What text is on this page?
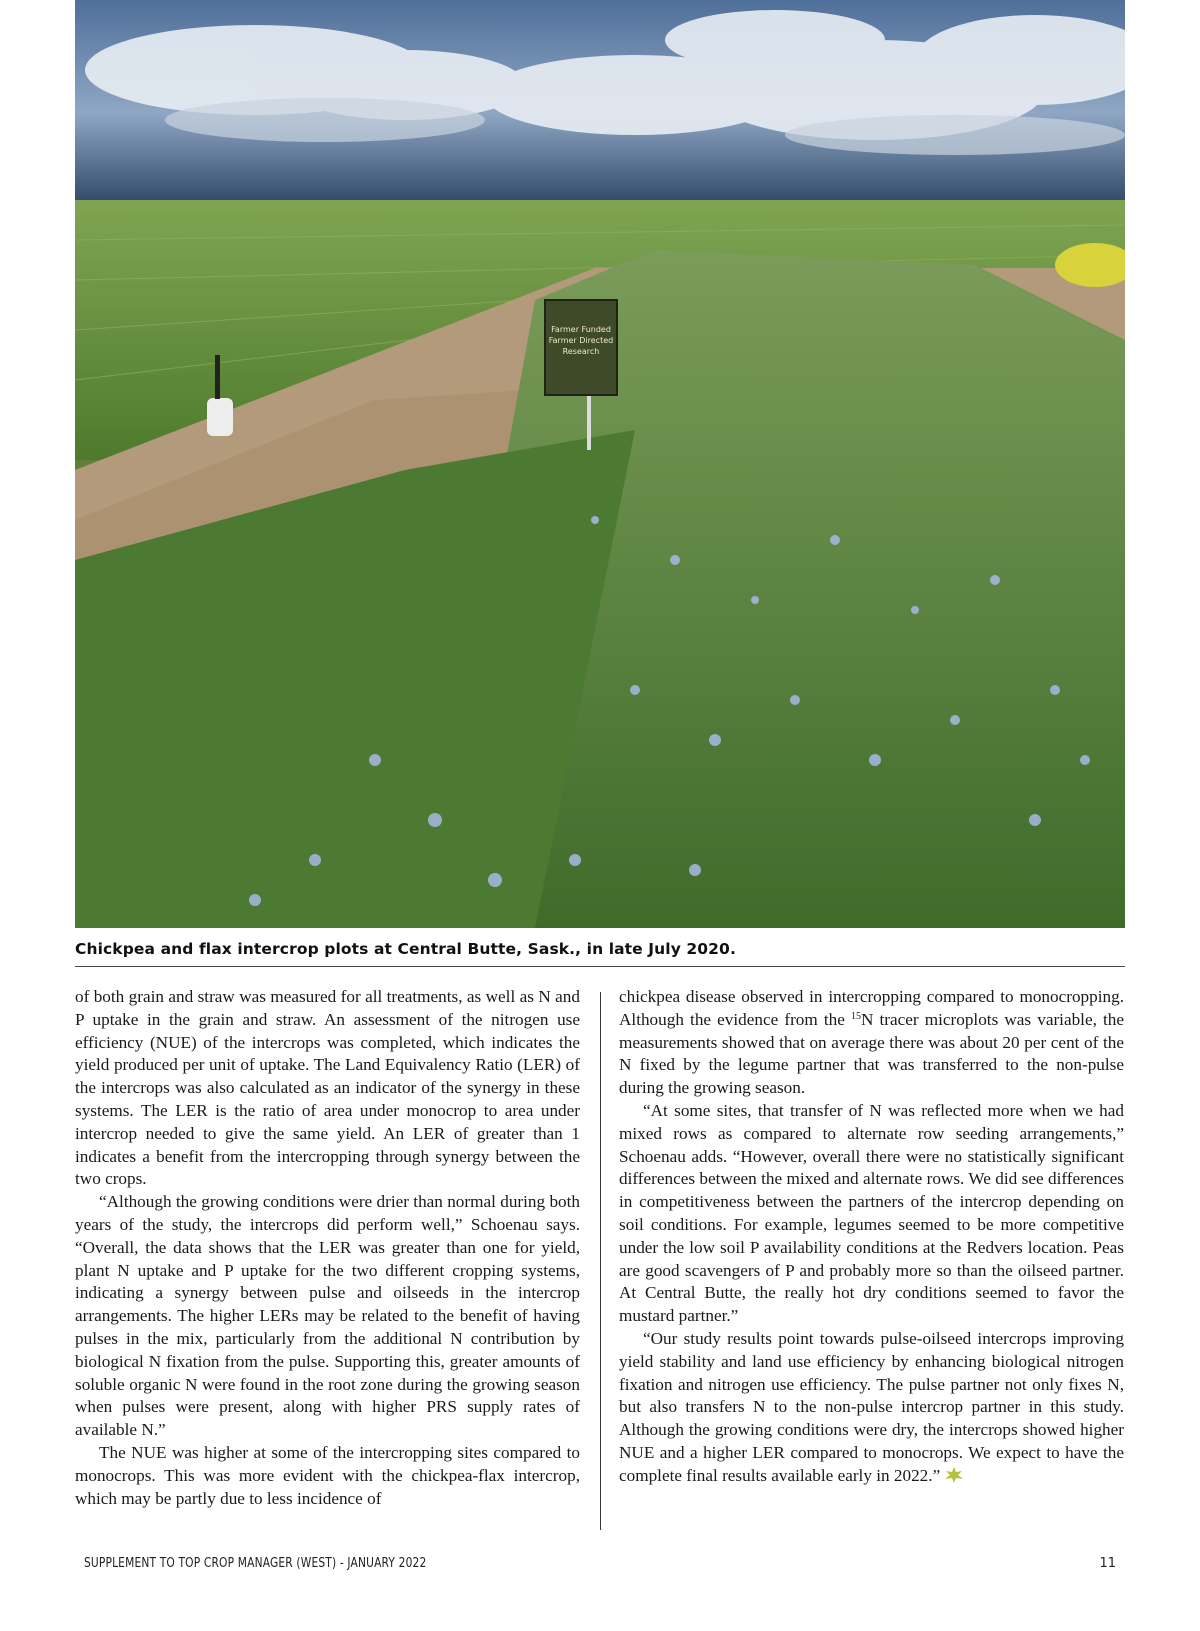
Farmer Funded
Farmer Directed
Research
Chickpea and flax intercrop plots at Central Butte, Sask., in late July 2020.

of both grain and straw was measured for all treatments, as well as N and P uptake in the grain and straw. An assessment of the nitrogen use efficiency (NUE) of the intercrops was completed, which indicates the yield produced per unit of uptake. The Land Equivalency Ratio (LER) of the intercrops was also calculated as an indicator of the synergy in these systems. The LER is the ratio of area under monocrop to area under intercrop needed to give the same yield. An LER of greater than 1 indicates a benefit from the intercropping through synergy between the two crops.

“Although the growing conditions were drier than normal during both years of the study, the intercrops did perform well,” Schoenau says. “Overall, the data shows that the LER was greater than one for yield, plant N uptake and P uptake for the two different cropping systems, indicating a synergy between pulse and oilseeds in the intercrop arrangements. The higher LERs may be related to the benefit of having pulses in the mix, particularly from the additional N contribution by biological N fixation from the pulse. Supporting this, greater amounts of soluble organic N were found in the root zone during the growing season when pulses were present, along with higher PRS supply rates of available N.”

The NUE was higher at some of the intercropping sites compared to monocrops. This was more evident with the chickpea-flax intercrop, which may be partly due to less incidence of

chickpea disease observed in intercropping compared to monocropping. Although the evidence from the $^{15}$N tracer microplots was variable, the measurements showed that on average there was about 20 per cent of the N fixed by the legume partner that was transferred to the non-pulse during the growing season.

“At some sites, that transfer of N was reflected more when we had mixed rows as compared to alternate row seeding arrangements,” Schoenau adds. “However, overall there were no statistically significant differences between the mixed and alternate rows. We did see differences in competitiveness between the partners of the intercrop depending on soil conditions. For example, legumes seemed to be more competitive under the low soil P availability conditions at the Redvers location. Peas are good scavengers of P and probably more so than the oilseed partner. At Central Butte, the really hot dry conditions seemed to favor the mustard partner.”

“Our study results point towards pulse-oilseed intercrops improving yield stability and land use efficiency by enhancing biological nitrogen fixation and nitrogen use efficiency. The pulse partner not only fixes N, but also transfers N to the non-pulse intercrop partner in this study. Although the growing conditions were dry, the intercrops showed higher NUE and a higher LER compared to monocrops. We expect to have the complete final results available early in 2022.”

SUPPLEMENT TO TOP CROP MANAGER (WEST) - JANUARY 2022	11
